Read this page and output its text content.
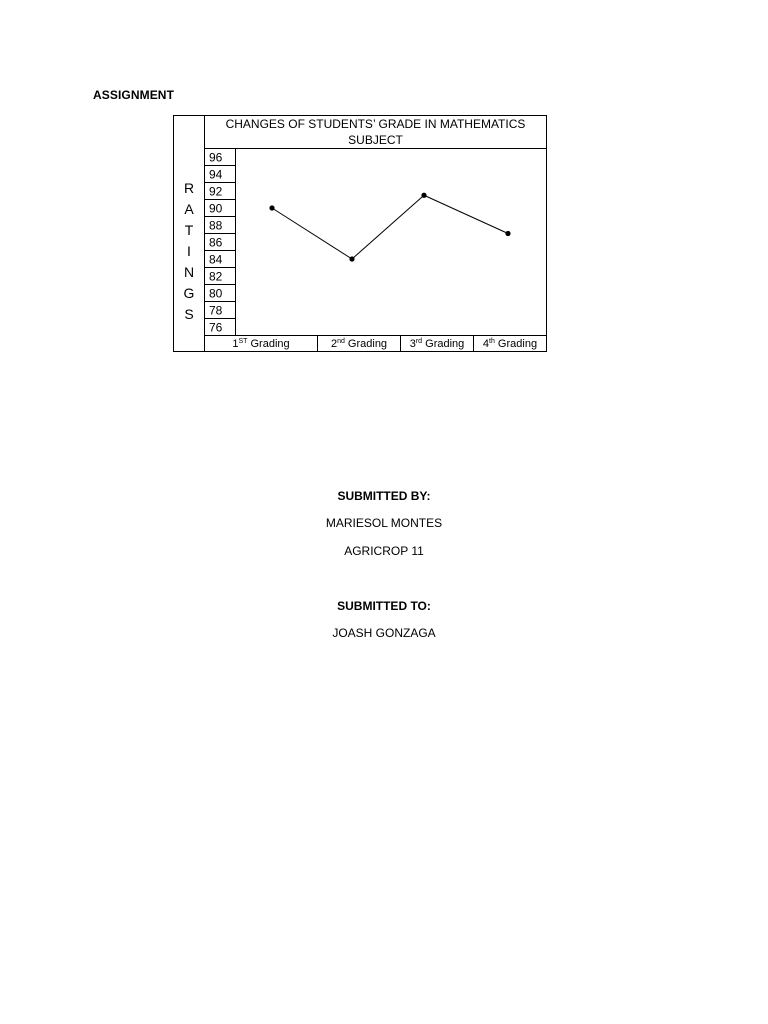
ASSIGNMENT
CHANGES OF STUDENTS’ GRADE IN MATHEMATICS
SUBJECT
R
A
T
I
N
G
S
96
94
92
90
88
86
84
82
80
78
76
1ST Grading	2nd Grading 3rd Grading 4th Grading
SUBMITTED BY:
MARIESOL MONTES
AGRICROP 11
SUBMITTED TO:
JOASH GONZAGA
